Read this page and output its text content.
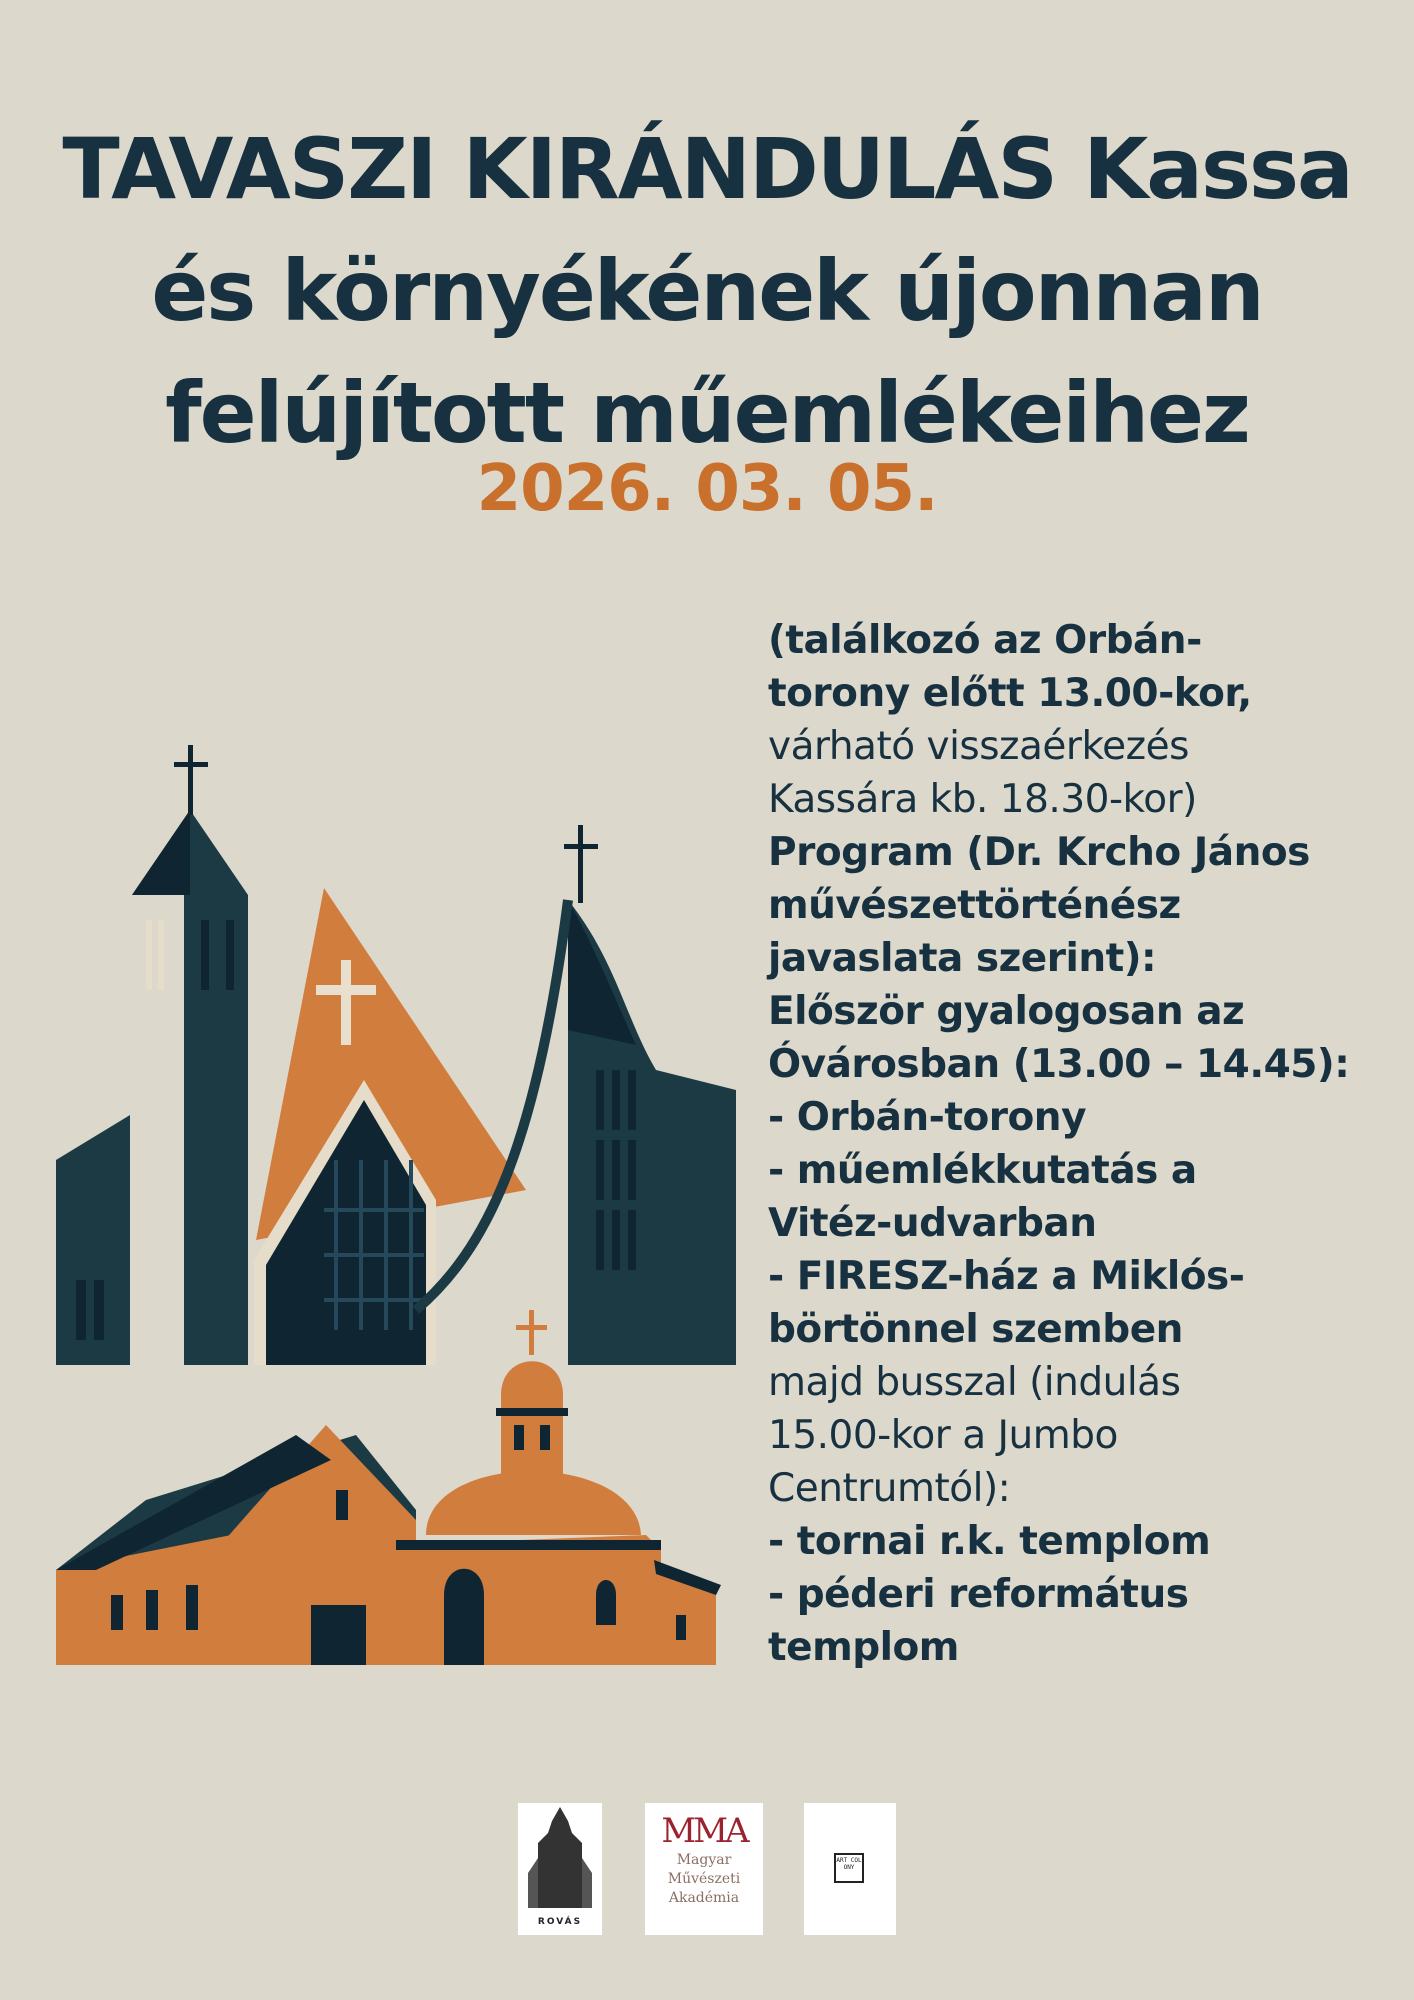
TAVASZI KIRÁNDULÁS Kassa
és környékének újonnan
felújított műemlékeihez
2026. 03. 05.
(találkozó az Orbán-
torony előtt 13.00-kor,
várható visszaérkezés
Kassára kb. 18.30-kor)
Program (Dr. Krcho János
művészettörténész
javaslata szerint):
Először gyalogosan az
Óvárosban (13.00 – 14.45):
- Orbán-torony
- műemlékkutatás a
Vitéz-udvarban
- FIRESZ-ház a Miklós-
börtönnel szemben
majd busszal (indulás
15.00-kor a Jumbo
Centrumtól):
- tornai r.k. templom
- péderi református
templom
ROVÁS
MMA
Magyar
Művészeti
Akadémia
ART COL ONY
